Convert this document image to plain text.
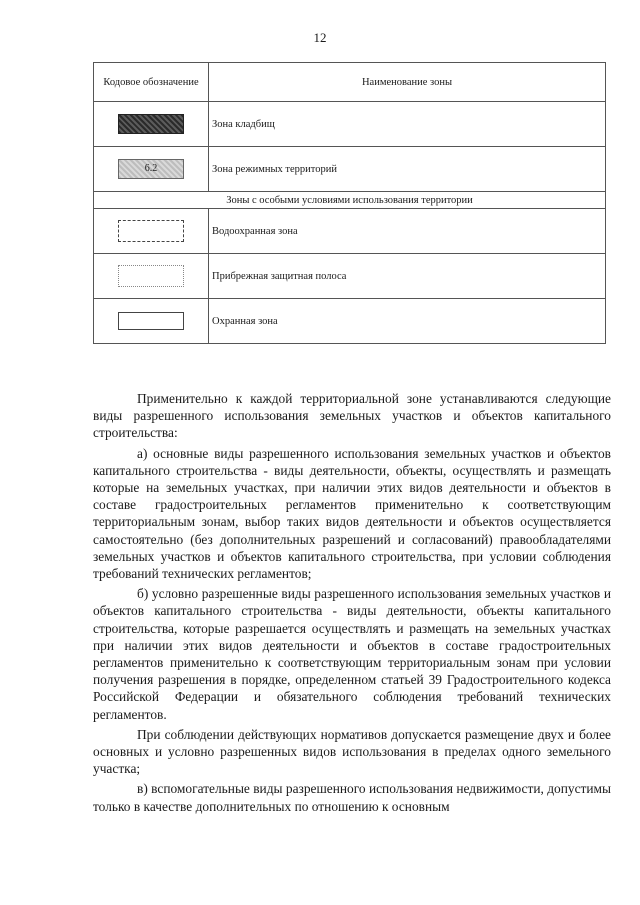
12
Кодовое обозначение	Наименование зоны
	Зона кладбищ
6.2	Зона режимных территорий
Зоны с особыми условиями использования территории	
	Водоохранная зона
	Прибрежная защитная полоса
	Охранная зона

Применительно к каждой территориальной зоне устанавливаются следующие виды разрешенного использования земельных участков и объектов капитального строительства:

а) основные виды разрешенного использования земельных участков и объектов капитального строительства - виды деятельности, объекты, осуществлять и размещать которые на земельных участках, при наличии этих видов деятельности и объектов в составе градостроительных регламентов применительно к соответствующим территориальным зонам, выбор таких видов деятельности и объектов осуществляется самостоятельно (без дополнительных разрешений и согласований) правообладателями земельных участков и объектов капитального строительства, при условии соблюдения требований технических регламентов;

б) условно разрешенные виды разрешенного использования земельных участков и объектов капитального строительства - виды деятельности, объекты капитального строительства, которые разрешается осуществлять и размещать на земельных участках при наличии этих видов деятельности и объектов в составе градостроительных регламентов применительно к соответствующим территориальным зонам при условии получения разрешения в порядке, определенном статьей 39 Градостроительного кодекса Российской Федерации и обязательного соблюдения требований технических регламентов.

При соблюдении действующих нормативов допускается размещение двух и более основных и условно разрешенных видов использования в пределах одного земельного участка;

в) вспомогательные виды разрешенного использования недвижимости, допустимы только в качестве дополнительных по отношению к основным
